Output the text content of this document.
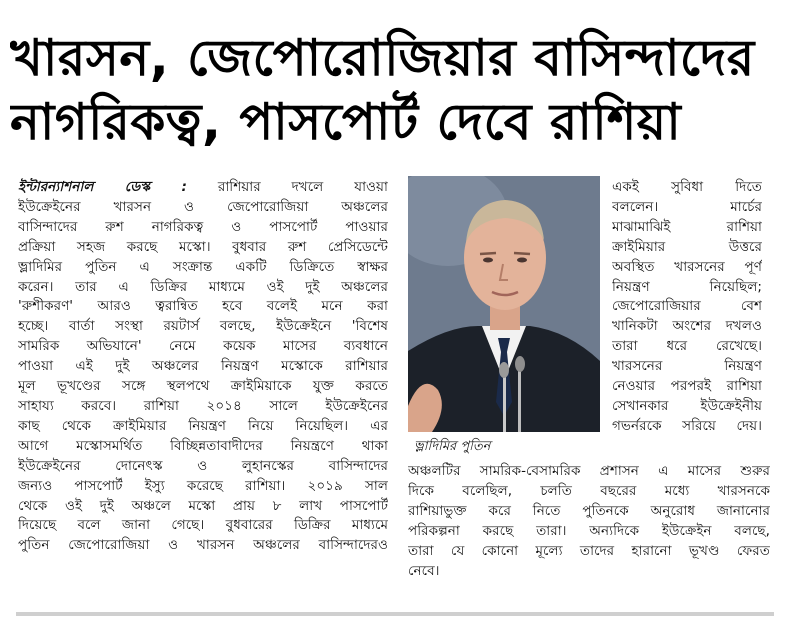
খারসন, জেপোরোজিয়ার বাসিন্দাদের
নাগরিকত্ব, পাসপোর্ট দেবে রাশিয়া
ইন্টারন্যাশনাল ডেস্ক : রাশিয়ার দখলে যাওয়া
ইউক্রেইনের খারসন ও জেপোরোজিয়া অঞ্চলের
বাসিন্দাদের রুশ নাগরিকত্ব ও পাসপোর্ট পাওয়ার
প্রক্রিয়া সহজ করছে মস্কো। বুধবার রুশ প্রেসিডেন্টে
ভ্লাদিমির পুতিন এ সংক্রান্ত একটি ডিক্রিতে স্বাক্ষর
করেন। তার এ ডিক্রির মাধ্যমে ওই দুই অঞ্চলের
'রুশীকরণ' আরও ত্বরান্বিত হবে বলেই মনে করা
হচ্ছে। বার্তা সংস্থা রয়টার্স বলছে, ইউক্রেইনে 'বিশেষ
সামরিক অভিযানে' নেমে কয়েক মাসের ব্যবধানে
পাওয়া এই দুই অঞ্চলের নিয়ন্ত্রণ মস্কোকে রাশিয়ার
মূল ভূখণ্ডের সঙ্গে স্থলপথে ক্রাইমিয়াকে যুক্ত করতে
সাহায্য করবে। রাশিয়া ২০১৪ সালে ইউক্রেইনের
কাছ থেকে ক্রাইমিয়ার নিয়ন্ত্রণ নিয়ে নিয়েছিল। এর
আগে মস্কোসমর্থিত বিচ্ছিন্নতাবাদীদের নিয়ন্ত্রণে থাকা
ইউক্রেইনের দোনেৎস্ক ও লুহানস্কের বাসিন্দাদের
জন্যও পাসপোর্ট ইস্যু করেছে রাশিয়া। ২০১৯ সাল
থেকে ওই দুই অঞ্চলে মস্কো প্রায় ৮ লাখ পাসপোর্ট
দিয়েছে বলে জানা গেছে। বুধবারের ডিক্রির মাধ্যমে
পুতিন জেপোরোজিয়া ও খারসন অঞ্চলের বাসিন্দাদেরও
একই সুবিধা দিতে
বললেন। মার্চের
মাঝামাঝিই রাশিয়া
ক্রাইমিয়ার উত্তরে
অবস্থিত খারসনের পূর্ণ
নিয়ন্ত্রণ নিয়েছিল;
জেপোরোজিয়ার বেশ
খানিকটা অংশের দখলও
তারা ধরে রেখেছে।
খারসনের নিয়ন্ত্রণ
নেওয়ার পরপরই রাশিয়া
সেখানকার ইউক্রেইনীয়
গভর্নরকে সরিয়ে দেয়।
ভ্লাদিমির পুতিন
অঞ্চলটির সামরিক-বেসামরিক প্রশাসন এ মাসের শুরুর
দিকে বলেছিল, চলতি বছরের মধ্যে খারসনকে
রাশিয়াভুক্ত করে নিতে পুতিনকে অনুরোধ জানানোর
পরিকল্পনা করছে তারা। অন্যদিকে ইউক্রেইন বলছে,
তারা যে কোনো মূল্যে তাদের হারানো ভূখণ্ড ফেরত
নেবে।
